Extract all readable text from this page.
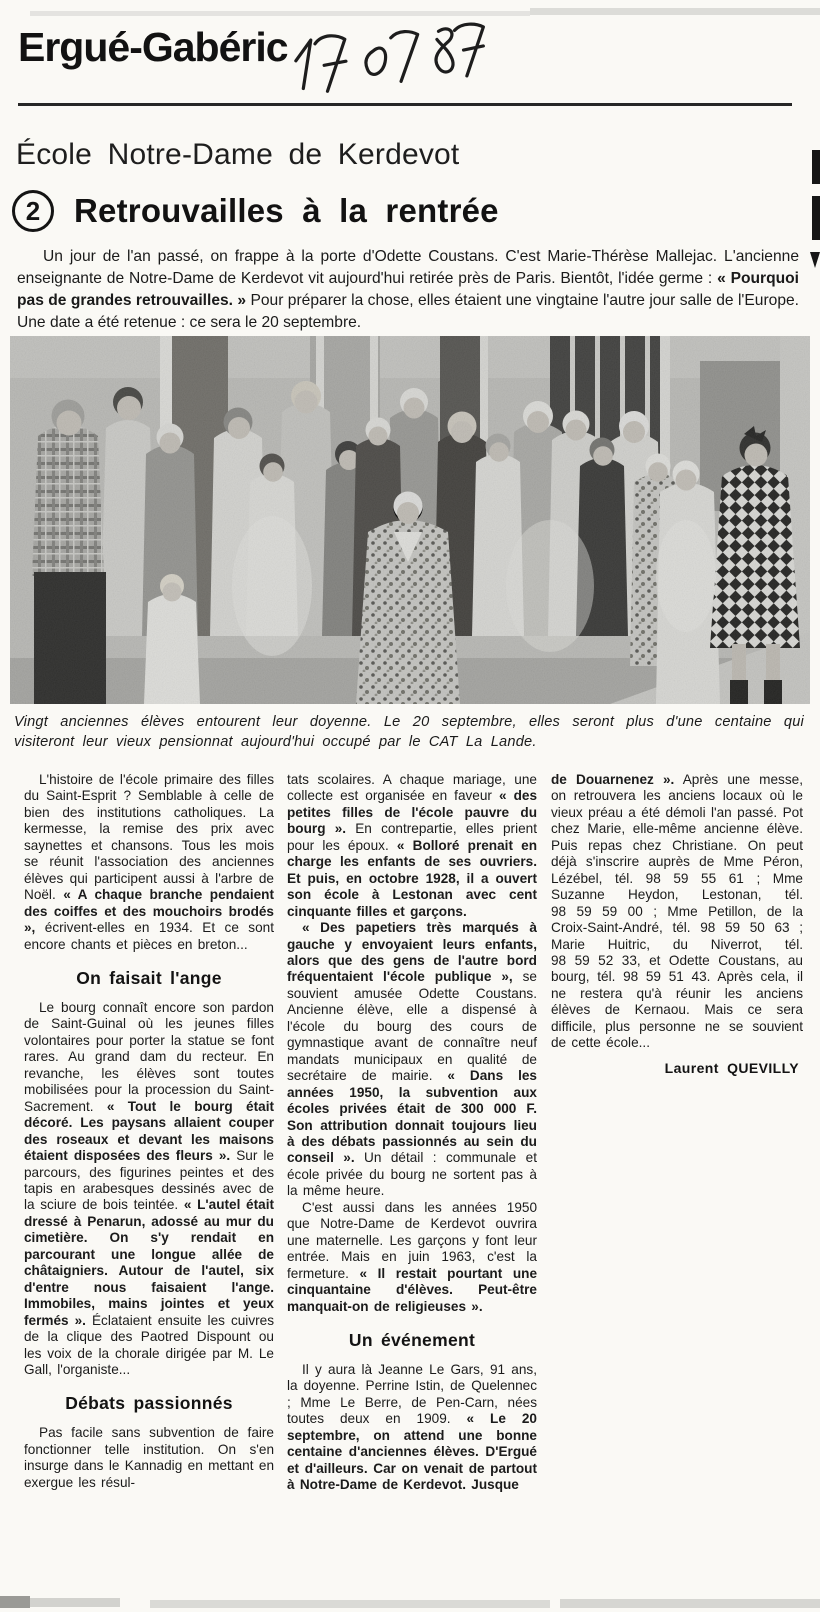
Ergué-Gabéric
École Notre-Dame de Kerdevot
2	Retrouvailles à la rentrée

Un jour de l'an passé, on frappe à la porte d'Odette Coustans. C'est Marie-Thérèse Mallejac. L'ancienne enseignante de Notre-Dame de Kerdevot vit aujourd'hui retirée près de Paris. Bientôt, l'idée germe : « Pourquoi pas de grandes retrouvailles. » Pour préparer la chose, elles étaient une vingtaine l'autre jour salle de l'Europe. Une date a été retenue : ce sera le 20 septembre.

Vingt anciennes élèves entourent leur doyenne. Le 20 septembre, elles seront plus d'une centaine qui visiteront leur vieux pensionnat aujourd'hui occupé par le CAT La Lande.

L'histoire de l'école primaire des filles du Saint-Esprit ? Semblable à celle de bien des institutions catholiques. La kermesse, la remise des prix avec saynettes et chansons. Tous les mois se réunit l'association des anciennes élèves qui participent aussi à l'arbre de Noël. « A chaque branche pendaient des coiffes et des mouchoirs brodés », écrivent-elles en 1934. Et ce sont encore chants et pièces en breton...

On faisait l'ange

Le bourg connaît encore son pardon de Saint-Guinal où les jeunes filles volontaires pour porter la statue se font rares. Au grand dam du recteur. En revanche, les élèves sont toutes mobilisées pour la procession du Saint-Sacrement. « Tout le bourg était décoré. Les paysans allaient couper des roseaux et devant les maisons étaient disposées des fleurs ». Sur le parcours, des figurines peintes et des tapis en arabesques dessinés avec de la sciure de bois teintée. « L'autel était dressé à Penarun, adossé au mur du cimetière. On s'y rendait en parcourant une longue allée de châtaigniers. Autour de l'autel, six d'entre nous faisaient l'ange. Immobiles, mains jointes et yeux fermés ». Éclataient ensuite les cuivres de la clique des Paotred Dispount ou les voix de la chorale dirigée par M. Le Gall, l'organiste...

Débats passionnés

Pas facile sans subvention de faire fonctionner telle institution. On s'en insurge dans le Kannadig en mettant en exergue les résul-

tats scolaires. A chaque mariage, une collecte est organisée en faveur « des petites filles de l'école pauvre du bourg ». En contrepartie, elles prient pour les époux. « Bolloré prenait en charge les enfants de ses ouvriers. Et puis, en octobre 1928, il a ouvert son école à Lestonan avec cent cinquante filles et garçons.

« Des papetiers très marqués à gauche y envoyaient leurs enfants, alors que des gens de l'autre bord fréquentaient l'école publique », se souvient amusée Odette Coustans. Ancienne élève, elle a dispensé à l'école du bourg des cours de gymnastique avant de connaître neuf mandats municipaux en qualité de secrétaire de mairie. « Dans les années 1950, la subvention aux écoles privées était de 300 000 F. Son attribution donnait toujours lieu à des débats passionnés au sein du conseil ». Un détail : communale et école privée du bourg ne sortent pas à la même heure.

C'est aussi dans les années 1950 que Notre-Dame de Kerdevot ouvrira une maternelle. Les garçons y font leur entrée. Mais en juin 1963, c'est la fermeture. « Il restait pourtant une cinquantaine d'élèves. Peut-être manquait-on de religieuses ».

Un événement

Il y aura là Jeanne Le Gars, 91 ans, la doyenne. Perrine Istin, de Quelennec ; Mme Le Berre, de Pen-Carn, nées toutes deux en 1909. « Le 20 septembre, on attend une bonne centaine d'anciennes élèves. D'Ergué et d'ailleurs. Car on venait de partout à Notre-Dame de Kerdevot. Jusque

de Douarnenez ». Après une messe, on retrouvera les anciens locaux où le vieux préau a été démoli l'an passé. Pot chez Marie, elle-même ancienne élève. Puis repas chez Christiane. On peut déjà s'inscrire auprès de Mme Péron, Lézébel, tél. 98 59 55 61 ; Mme Suzanne Heydon, Lestonan, tél. 98 59 59 00 ; Mme Petillon, de la Croix-Saint-André, tél. 98 59 50 63 ; Marie Huitric, du Niverrot, tél. 98 59 52 33, et Odette Coustans, au bourg, tél. 98 59 51 43. Après cela, il ne restera qu'à réunir les anciens élèves de Kernaou. Mais ce sera difficile, plus personne ne se souvient de cette école...

Laurent QUEVILLY
